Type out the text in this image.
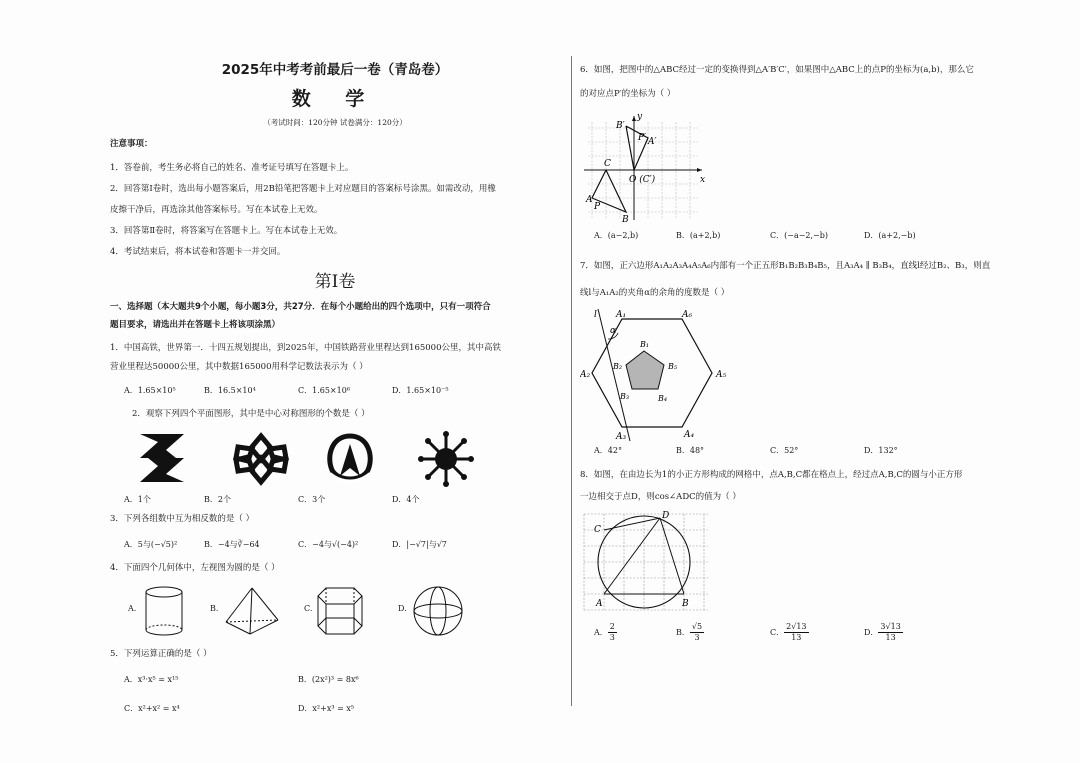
2025年中考考前最后一卷（青岛卷）
数 学
（考试时间：120分钟 试卷满分：120分）
注意事项：

1．答卷前，考生务必将自己的姓名、准考证号填写在答题卡上。

2．回答第Ⅰ卷时，选出每小题答案后，用2B铅笔把答题卡上对应题目的答案标号涂黑。如需改动，用橡

皮擦干净后，再选涂其他答案标号。写在本试卷上无效。

3．回答第Ⅱ卷时，将答案写在答题卡上。写在本试卷上无效。

4．考试结束后，将本试卷和答题卡一并交回。

第Ⅰ卷
一、选择题（本大题共9个小题，每小题3分，共27分．在每个小题给出的四个选项中，只有一项符合
题目要求，请选出并在答题卡上将该项涂黑）
1．中国高铁，世界第一．十四五规划提出，到2025年，中国铁路营业里程达到165000公里，其中高铁
营业里程达50000公里，其中数据165000用科学记数法表示为（ ）
A．1.65×10⁵	B．16.5×10⁴	C．1.65×10⁶	D．1.65×10⁻⁵
2．观察下列四个平面图形，其中是中心对称图形的个数是（ ）
A．1个	B．2个	C．3个	D．4个
3．下列各组数中互为相反数的是（ ）
A．5与(−√5)²	B．−4与∛−64	C．−4与√(−4)²	D．|−√7|与√7
4．下面四个几何体中，左视图为圆的是（ ）
A.	B.	C.	D.
5．下列运算正确的是（ ）
A．x³·x⁵ = x¹⁵	B．(2x²)³ = 8x⁶
C．x²+x² = x⁴	D．x²+x³ = x⁵
6．如图，把图中的△ABC经过一定的变换得到△A′B′C′，如果图中△ABC上的点P的坐标为(a,b)，那么它
的对应点P′的坐标为（ ）
y
x
O (C′)
B′
P′ A′
C
A
P
B
A．(a−2,b)	B．(a+2,b)	C．(−a−2,−b)	D．(a+2,−b)
7．如图，正六边形A₁A₂A₃A₄A₅A₆内部有一个正五形B₁B₂B₃B₄B₅，且A₃A₄ ∥ B₃B₄，直线l经过B₂、B₃，则直
线l与A₁A₂的夹角α的余角的度数是（ ）
l A₁	A₆
α
A₂	A₅
B₁
B₂	B₅
B₃	B₄
A₃	A₄
A．42°	B．48°	C．52°	D．132°
8．如图，在由边长为1的小正方形构成的网格中，点A,B,C都在格点上，经过点A,B,C的圆与小正方形
一边相交于点D，则cos∠ADC的值为（ ）
D
C
A	B
A． $\frac{2}{3}$	B． $\frac{√5}{3}$	C． $\frac{2√13}{13}$	D． $\frac{3√13}{13}$
